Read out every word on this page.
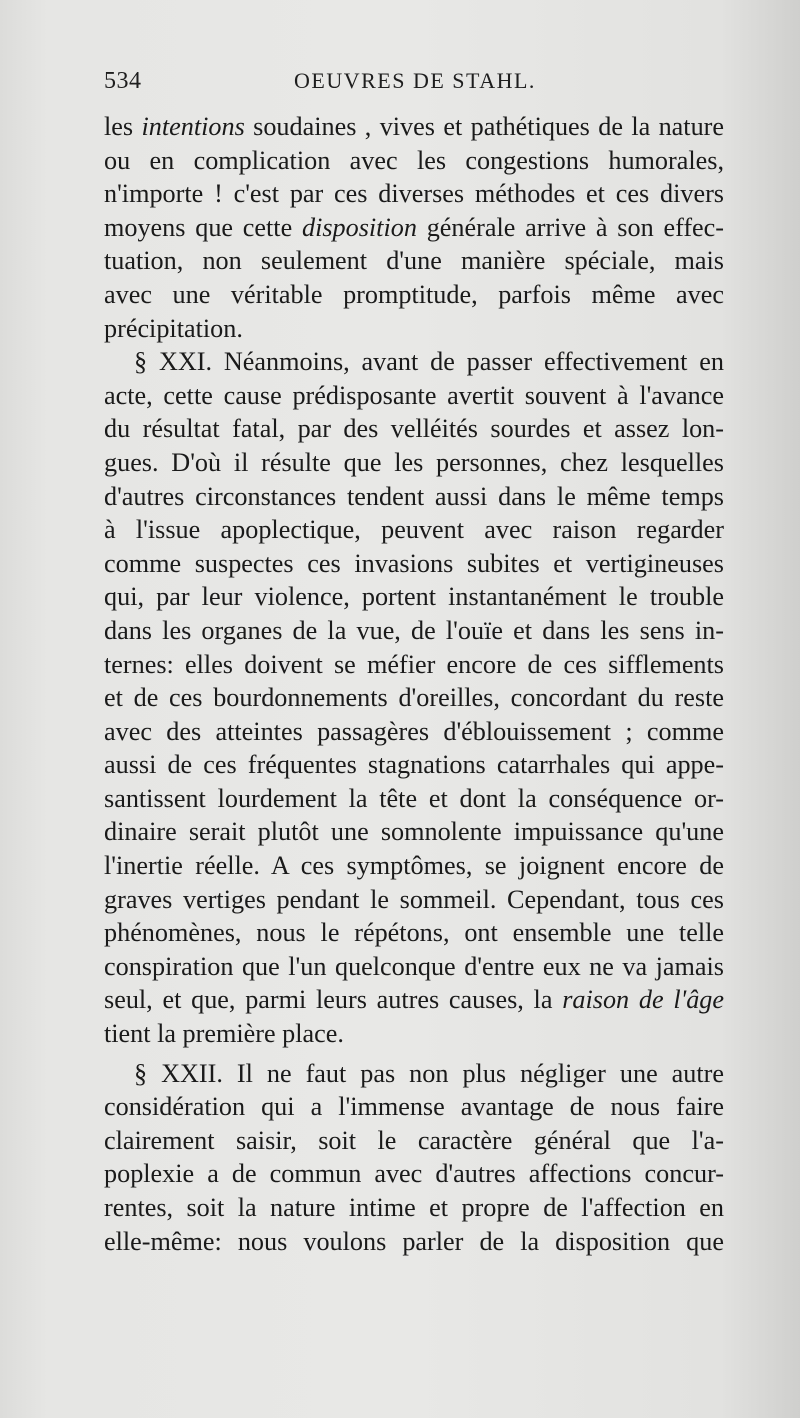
534	OEUVRES DE STAHL.
les intentions soudaines , vives et pathétiques de la nature
ou en complication avec les congestions humorales,
n'importe ! c'est par ces diverses méthodes et ces divers
moyens que cette disposition générale arrive à son effec-
tuation, non seulement d'une manière spéciale, mais
avec une véritable promptitude, parfois même avec
précipitation.
§ XXI. Néanmoins, avant de passer effectivement en
acte, cette cause prédisposante avertit souvent à l'avance
du résultat fatal, par des velléités sourdes et assez lon-
gues. D'où il résulte que les personnes, chez lesquelles
d'autres circonstances tendent aussi dans le même temps
à l'issue apoplectique, peuvent avec raison regarder
comme suspectes ces invasions subites et vertigineuses
qui, par leur violence, portent instantanément le trouble
dans les organes de la vue, de l'ouïe et dans les sens in-
ternes: elles doivent se méfier encore de ces sifflements
et de ces bourdonnements d'oreilles, concordant du reste
avec des atteintes passagères d'éblouissement ; comme
aussi de ces fréquentes stagnations catarrhales qui appe-
santissent lourdement la tête et dont la conséquence or-
dinaire serait plutôt une somnolente impuissance qu'une
l'inertie réelle. A ces symptômes, se joignent encore de
graves vertiges pendant le sommeil. Cependant, tous ces
phénomènes, nous le répétons, ont ensemble une telle
conspiration que l'un quelconque d'entre eux ne va jamais
seul, et que, parmi leurs autres causes, la raison de l'âge
tient la première place.
§ XXII. Il ne faut pas non plus négliger une autre
considération qui a l'immense avantage de nous faire
clairement saisir, soit le caractère général que l'a-
poplexie a de commun avec d'autres affections concur-
rentes, soit la nature intime et propre de l'affection en
elle-même: nous voulons parler de la disposition que
